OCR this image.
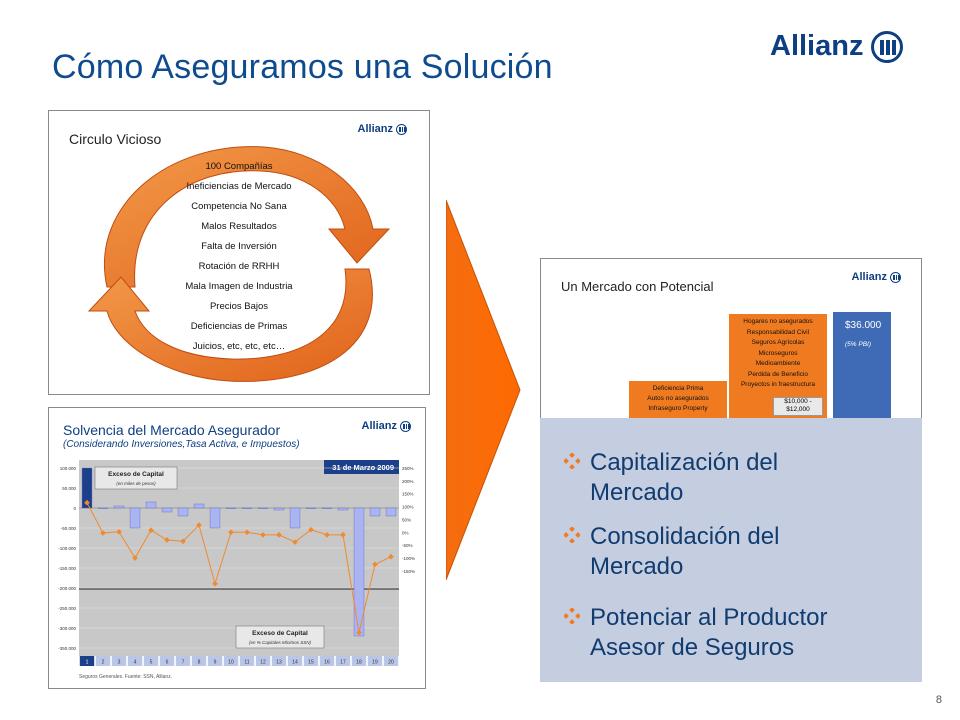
Cómo Aseguramos una Solución
Allianz
Circulo Vicioso
Allianz
100 Compañías
Ineficiencias de Mercado
Competencia No Sana
Malos Resultados
Falta de Inversión
Rotación de RRHH
Mala Imagen de Industria
Precios Bajos
Deficiencias de Primas
Juicios, etc, etc, etc…
Solvencia del Mercado Asegurador
(Considerando Inversiones,Tasa Activa, e Impuestos)
Allianz
31 de Marzo 2009
100.000
50.000
0
-50.000
-100.000
-150.000
-200.000
-250.000
-300.000
-350.000
250%
200%
150%
100%
50%
0%
-50%
-100%
-150%
1	2	3	4	5	6	7	8	9 10 11 12 13 14 15 16 17 18 19 20
Exceso de Capital
(en miles de pesos)
Exceso de Capital
(en % Capitales Mínimos SSN)
Seguros Generales. Fuente: SSN, Allianz.
Un Mercado con Potencial
Allianz
Deficiencia Prima
Autos no asegurados
Infraseguro Property
Hogares no asegurados
Responsabilidad Civil
Seguros Agrícolas
Microseguros
Medioambiente
Perdida de Beneficio
Proyectos in fraestructura
$10,000 -
$12,000
$36.000
(5% PBI)
Capitalización del
Mercado
Consolidación del
Mercado
Potenciar al Productor
Asesor de Seguros
8
